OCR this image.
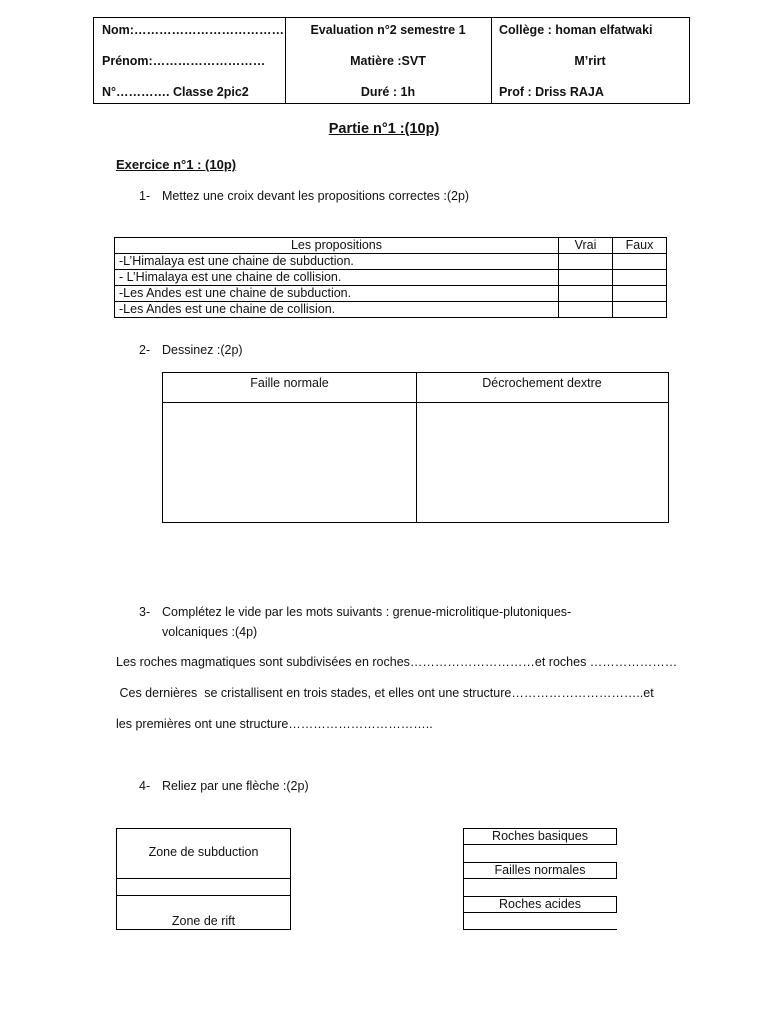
Nom:………………………………
Prénom:………………………
N°…………. Classe 2pic2
Evaluation n°2 semestre 1
Matière :SVT
Duré : 1h
Collège : homan elfatwaki
M’rirt
Prof : Driss RAJA
Partie n°1 :(10p)
Exercice n°1 : (10p)
1- Mettez une croix devant les propositions correctes :(2p)
Les propositions	Vrai	Faux
-L’Himalaya est une chaine de subduction.		
- L’Himalaya est une chaine de collision.		
-Les Andes est une chaine de subduction.		
-Les Andes est une chaine de collision.		
2- Dessinez :(2p)
Faille normale	Décrochement dextre
3- Complétez le vide par les mots suivants : grenue-microlitique-plutoniques-
volcaniques :(4p)
Les roches magmatiques sont subdivisées en roches…………………………et roches …………………
Ces dernières  se cristallisent en trois stades, et elles ont une structure…………………………..et
les premières ont une structure……………………………..
4- Reliez par une flèche :(2p)
Zone de subduction
Zone de rift
Roches basiques
Failles normales
Roches acides
